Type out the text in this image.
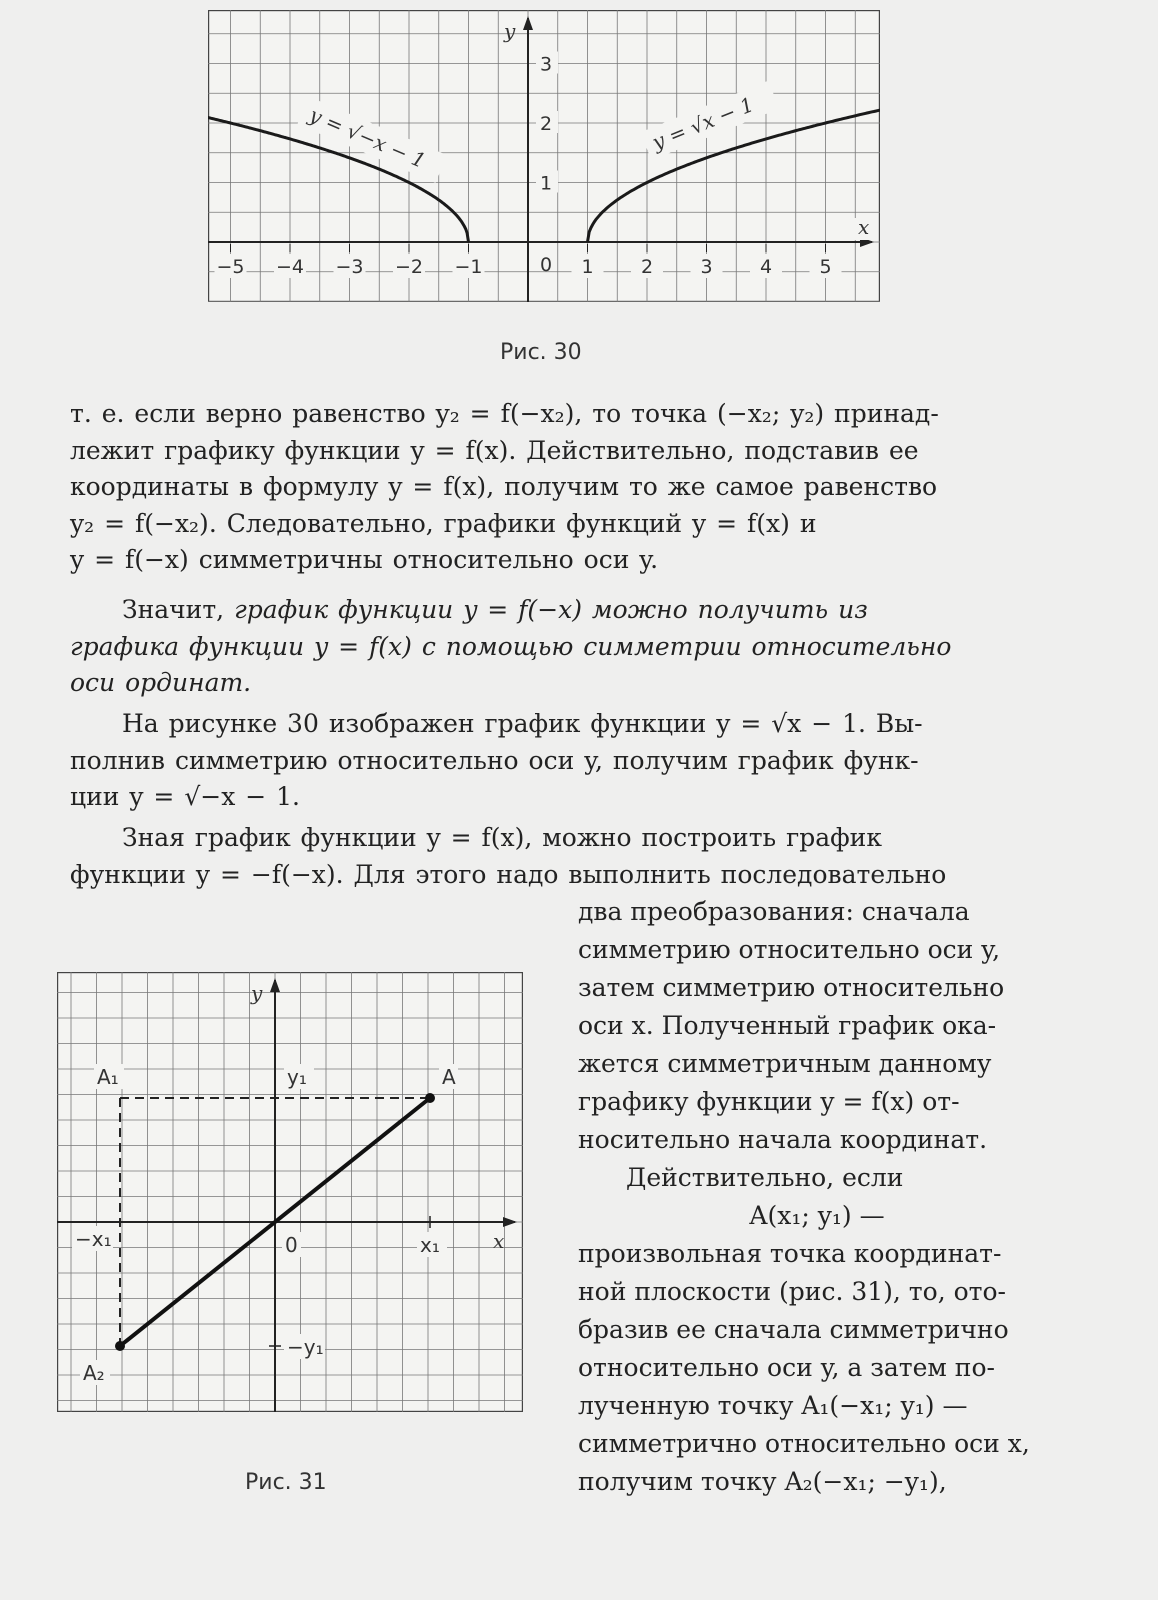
−5 −4 −3 −2 −1	1 2 3 4 5
1
2
3
0
x
y
y = √x − 1
y = √−x − 1
Рис. 30
т. е. если верно равенство y₂ = f(−x₂), то точка (−x₂; y₂) принад-
лежит графику функции y = f(x). Действительно, подставив ее
координаты в формулу y = f(x), получим то же самое равенство
y₂ = f(−x₂). Следовательно, графики функций y = f(x) и
y = f(−x) симметричны относительно оси y.
Значит, график функции y = f(−x) можно получить из
графика функции y = f(x) с помощью симметрии относительно
оси ординат.
На рисунке 30 изображен график функции y = √x − 1. Вы-
полнив симметрию относительно оси y, получим график функ-
ции y = √−x − 1.
Зная график функции y = f(x), можно построить график
функции y = −f(−x). Для этого надо выполнить последовательно
два преобразования: сначала
симметрию относительно оси y,
затем симметрию относительно
оси x. Полученный график ока-
жется симметричным данному
графику функции y = f(x) от-
носительно начала координат.
Действительно, если
A(x₁; y₁) —
произвольная точка координат-
ной плоскости (рис. 31), то, ото-
бразив ее сначала симметрично
относительно оси y, а затем по-
лученную точку A₁(−x₁; y₁) —
симметрично относительно оси x,
получим точку A₂(−x₁; −y₁),
A
A₁
A₂
x₁
−x₁
y₁
−y₁
0	x
y
Рис. 31
